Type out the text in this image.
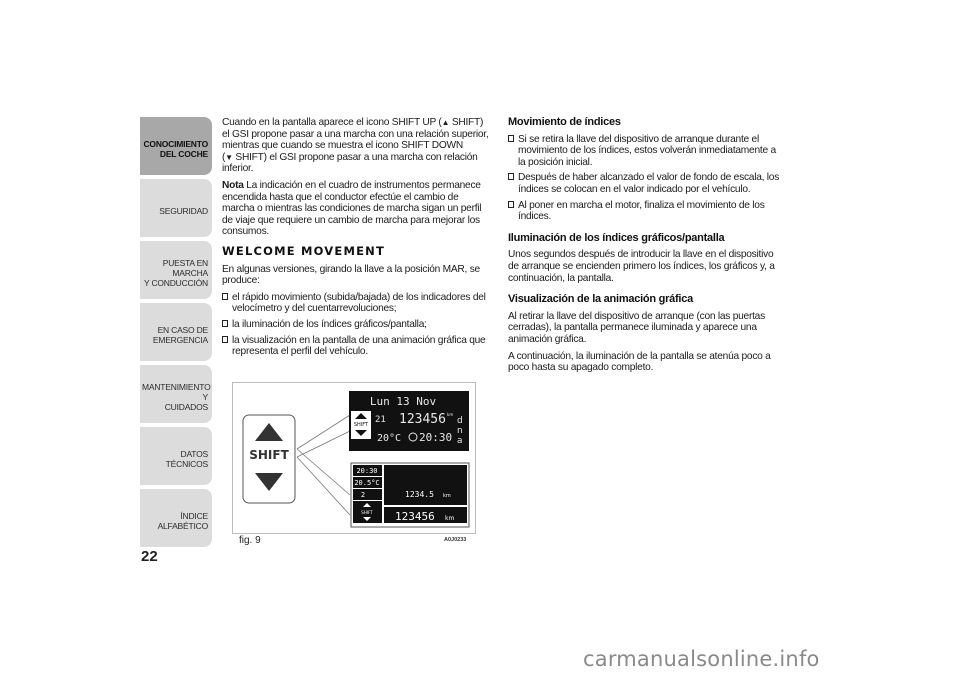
CONOCIMIENTO
DEL COCHE
SEGURIDAD
PUESTA EN MARCHA
Y CONDUCCIÓN
EN CASO DE
EMERGENCIA
MANTENIMIENTO Y
CUIDADOS
DATOS TÉCNICOS
ÍNDICE ALFABÉTICO
22

Cuando en la pantalla aparece el icono SHIFT UP (▲ SHIFT) el GSI propone pasar a una marcha con una relación superior, mientras que cuando se muestra el icono SHIFT DOWN (▼ SHIFT) el GSI propone pasar a una marcha con relación inferior.

Nota La indicación en el cuadro de instrumentos permanece encendida hasta que el conductor efectúe el cambio de marcha o mientras las condiciones de marcha sigan un perfil de viaje que requiere un cambio de marcha para mejorar los consumos.

WELCOME MOVEMENT

En algunas versiones, girando la llave a la posición MAR, se produce:

el rápido movimiento (subida/bajada) de los indicadores del velocímetro y del cuentarrevoluciones;
la iluminación de los índices gráficos/pantalla;
la visualización en la pantalla de una animación gráfica que representa el perfil del vehículo.
Movimiento de índices
Si se retira la llave del dispositivo de arranque durante el movimiento de los índices, estos volverán inmediatamente a la posición inicial.
Después de haber alcanzado el valor de fondo de escala, los índices se colocan en el valor indicado por el vehículo.
Al poner en marcha el motor, finaliza el movimiento de los índices.
Iluminación de los índices gráficos/pantalla

Unos segundos después de introducir la llave en el dispositivo de arranque se encienden primero los índices, los gráficos y, a continuación, la pantalla.

Visualización de la animación gráfica

Al retirar la llave del dispositivo de arranque (con las puertas cerradas), la pantalla permanece iluminada y aparece una animación gráfica.

A continuación, la iluminación de la pantalla se atenúa poco a poco hasta su apagado completo.

SHIFT
SHIFT
Lun 13 Nov
21 123456 km
20°C 20:30
d
n
a
20:30
20.5°C
2
SHIFT
1234.5 km
123456 km
fig. 9	A0J0233
carmanualsonline.info
